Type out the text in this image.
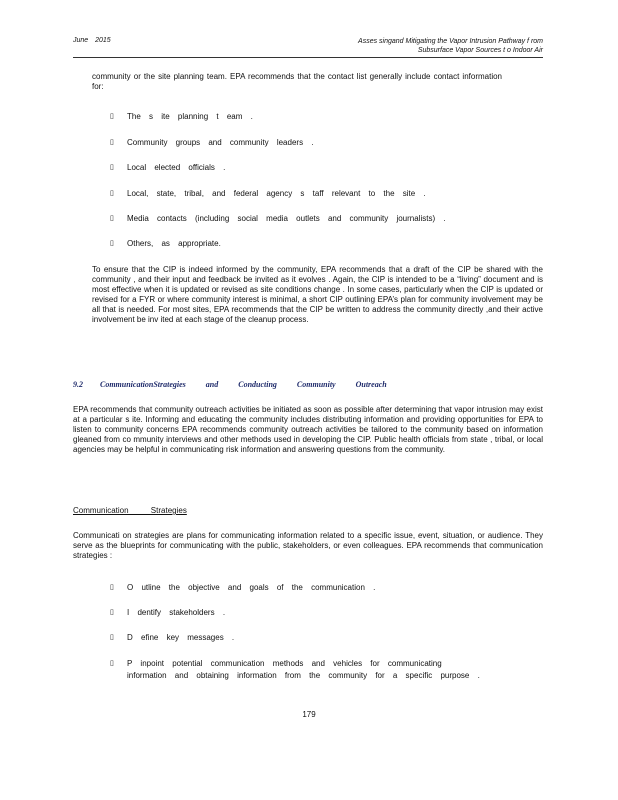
June 2015	Asses singand Mitigating the Vapor Intrusion Pathway f rom
Subsurface Vapor Sources t o Indoor Air

community or the site planning team. EPA recommends that the contact list generally include contact information for:

▯ The s ite planning t eam .
▯ Community groups and community leaders .
▯ Local elected officials .
▯ Local, state, tribal, and federal agency s taff relevant to the site .
▯ Media contacts (including social media outlets and community journalists) .
▯ Others, as appropriate.

To ensure that the CIP is indeed informed by the community, EPA recommends that a draft of the CIP be shared with the community , and their input and feedback be invited as it evolves . Again, the CIP is intended to be a “living” document and is most effective when it is updated or revised as site conditions change . In some cases, particularly when the CIP is updated or revised for a FYR or where community interest is minimal, a short CIP outlining EPA’s plan for community involvement may be all that is needed. For most sites, EPA recommends that the CIP be written to address the community directly ,and their active involvement be inv ited at each stage of the cleanup process.

9.2 CommunicationStrategies and Conducting Community Outreach

EPA recommends that community outreach activities be initiated as soon as possible after determining that vapor intrusion may exist at a particular s ite. Informing and educating the community includes distributing information and providing opportunities for EPA to listen to community concerns EPA recommends community outreach activities be tailored to the community based on information gleaned from co mmunity interviews and other methods used in developing the CIP. Public health officials from state , tribal, or local agencies may be helpful in communicating risk information and answering questions from the community.

Communication Strategies

Communicati on strategies are plans for communicating information related to a specific issue, event, situation, or audience. They serve as the blueprints for communicating with the public, stakeholders, or even colleagues. EPA recommends that communication strategies :

▯ O utline the objective and goals of the communication .
▯ I dentify stakeholders .
▯ D efine key messages .
▯ P inpoint potential communication methods and vehicles for communicating
information and obtaining information from the community for a specific purpose .
179
